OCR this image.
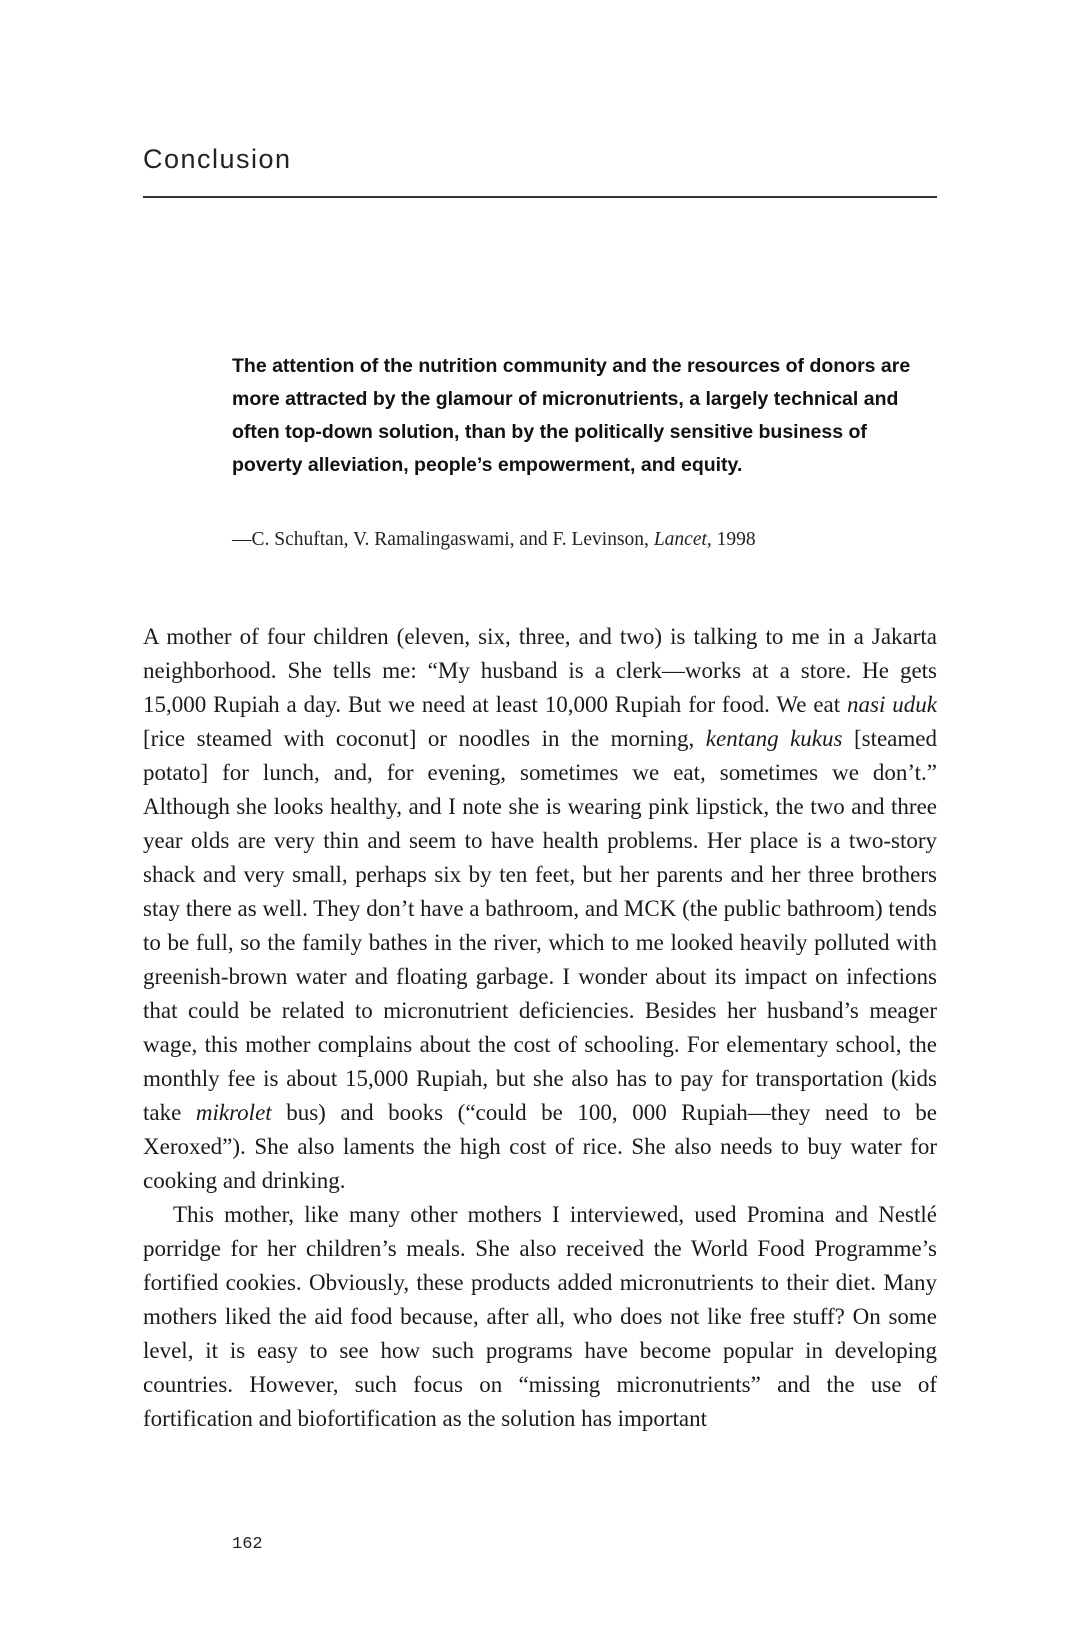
Conclusion

The attention of the nutrition community and the resources of donors are more attracted by the glamour of micronutrients, a largely technical and often top-down solution, than by the politically sensitive business of poverty alleviation, people’s empowerment, and equity.

—C. Schuftan, V. Ramalingaswami, and F. Levinson, Lancet, 1998

A mother of four children (eleven, six, three, and two) is talking to me in a Jakarta neighborhood. She tells me: “My husband is a clerk—works at a store. He gets 15,000 Rupiah a day. But we need at least 10,000 Rupiah for food. We eat nasi uduk [rice steamed with coconut] or noodles in the morning, kentang kukus [steamed potato] for lunch, and, for evening, sometimes we eat, sometimes we don’t.” Although she looks healthy, and I note she is wearing pink lipstick, the two and three year olds are very thin and seem to have health problems. Her place is a two-story shack and very small, perhaps six by ten feet, but her parents and her three brothers stay there as well. They don’t have a bathroom, and MCK (the public bathroom) tends to be full, so the family bathes in the river, which to me looked heavily polluted with greenish-brown water and floating garbage. I wonder about its impact on infections that could be related to micronutrient deficiencies. Besides her husband’s meager wage, this mother complains about the cost of schooling. For elementary school, the monthly fee is about 15,000 Rupiah, but she also has to pay for transportation (kids take mikrolet bus) and books (“could be 100, 000 Rupiah—they need to be Xeroxed”). She also laments the high cost of rice. She also needs to buy water for cooking and drinking.

This mother, like many other mothers I interviewed, used Promina and Nestlé porridge for her children’s meals. She also received the World Food Programme’s fortified cookies. Obviously, these products added micronutrients to their diet. Many mothers liked the aid food because, after all, who does not like free stuff? On some level, it is easy to see how such programs have become popular in developing countries. However, such focus on “missing micronutrients” and the use of fortification and biofortification as the solution has important

162
